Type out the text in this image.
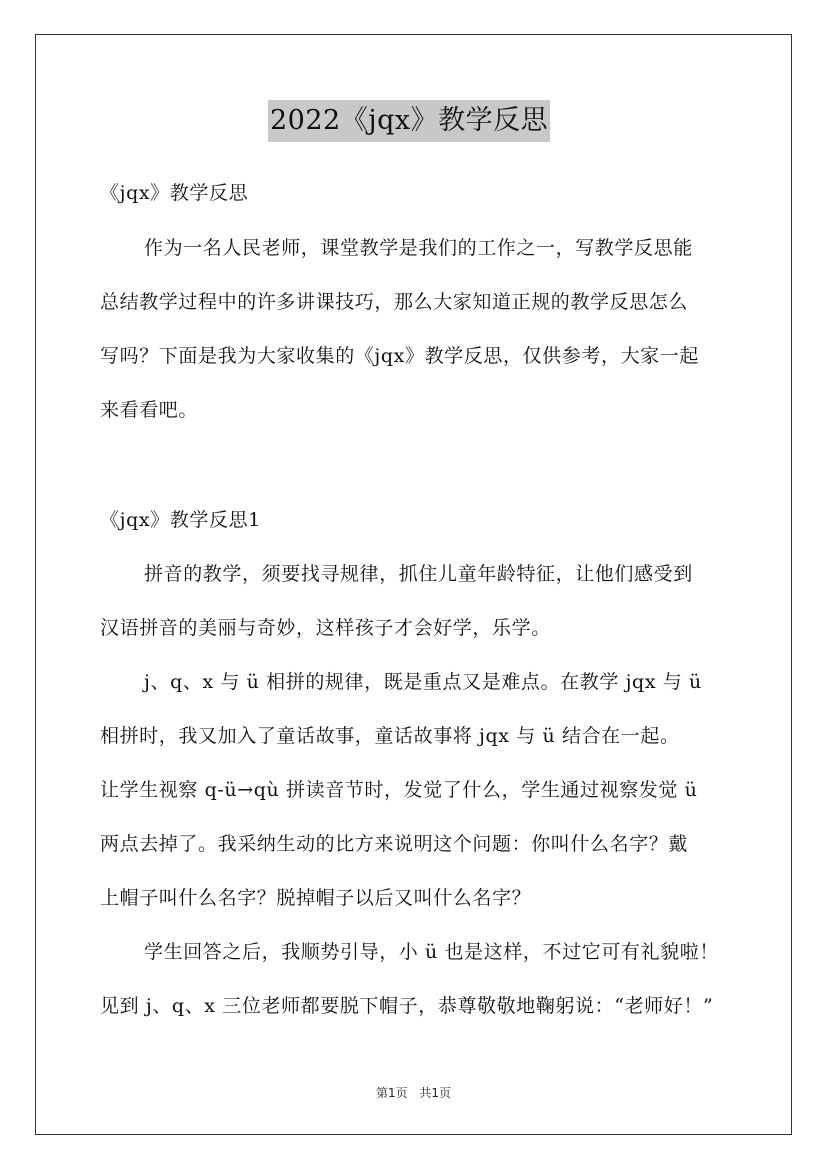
2022《jqx》教学反思
《jqx》教学反思
作为一名人民老师，课堂教学是我们的工作之一，写教学反思能
总结教学过程中的许多讲课技巧，那么大家知道正规的教学反思怎么
写吗？下面是我为大家收集的《jqx》教学反思，仅供参考，大家一起
来看看吧。
《jqx》教学反思1
拼音的教学，须要找寻规律，抓住儿童年龄特征，让他们感受到
汉语拼音的美丽与奇妙，这样孩子才会好学，乐学。
j、q、x 与 ü 相拼的规律，既是重点又是难点。在教学 jqx 与 ü
相拼时，我又加入了童话故事，童话故事将 jqx 与 ü 结合在一起。
让学生视察 q-ü→qù 拼读音节时，发觉了什么，学生通过视察发觉 ü
两点去掉了。我采纳生动的比方来说明这个问题：你叫什么名字？戴
上帽子叫什么名字？脱掉帽子以后又叫什么名字？
学生回答之后，我顺势引导，小 ü 也是这样，不过它可有礼貌啦！
见到 j、q、x 三位老师都要脱下帽子，恭尊敬敬地鞠躬说：“老师好！”
第1页 共1页
